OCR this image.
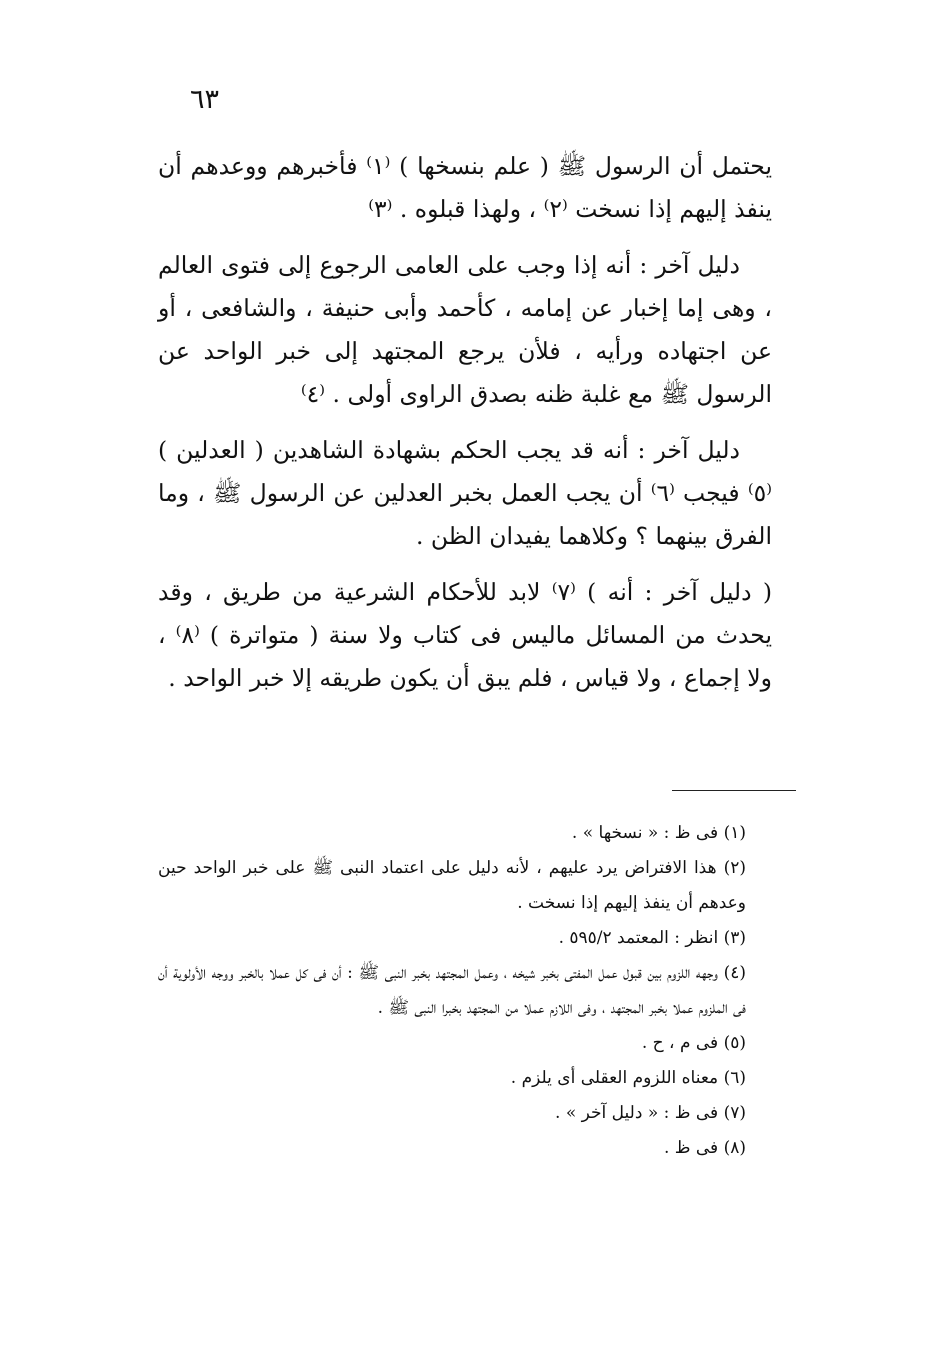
٦٣

يحتمل أن الرسول ﷺ ( علم بنسخها ) ⁽١⁾ فأخبرهم ووعدهم أن ينفذ إليهم إذا نسخت ⁽٢⁾ ، ولهذا قبلوه . ⁽٣⁾

دليل آخر : أنه إذا وجب على العامى الرجوع إلى فتوى العالم ، وهى إما إخبار عن إمامه ، كأحمد وأبى حنيفة ، والشافعى ، أو عن اجتهاده ورأيه ، فلأن يرجع المجتهد إلى خبر الواحد عن الرسول ﷺ مع غلبة ظنه بصدق الراوى أولى . ⁽٤⁾

دليل آخر : أنه قد يجب الحكم بشهادة الشاهدين ( العدلين ) ⁽٥⁾ فيجب ⁽٦⁾ أن يجب العمل بخبر العدلين عن الرسول ﷺ ، وما الفرق بينهما ؟ وكلاهما يفيدان الظن .

( دليل آخر : أنه ) ⁽٧⁾ لابد للأحكام الشرعية من طريق ، وقد يحدث من المسائل ماليس فى كتاب ولا سنة ( متواترة ) ⁽٨⁾ ، ولا إجماع ، ولا قياس ، فلم يبق أن يكون طريقه إلا خبر الواحد .

(١) فى ظ : « نسخها » .

(٢) هذا الافتراض يرد عليهم ، لأنه دليل على اعتماد النبى ﷺ على خبر الواحد حين وعدهم أن ينفذ إليهم إذا نسخت .

(٣) انظر : المعتمد ٥٩٥/٢ .

(٤) وجهه اللزوم بين قبول عمل المفتى بخبر شيخه ، وعمل المجتهد بخبر النبى ﷺ : أن فى كل عملا بالخبر ووجه الأولوية أن فى الملزوم عملا بخبر المجتهد ، وفى اللازم عملا من المجتهد بخبرا النبى ﷺ .

(٥) فى م ، ح .

(٦) معناه اللزوم العقلى أى يلزم .

(٧) فى ظ : « دليل آخر » .

(٨) فى ظ .
